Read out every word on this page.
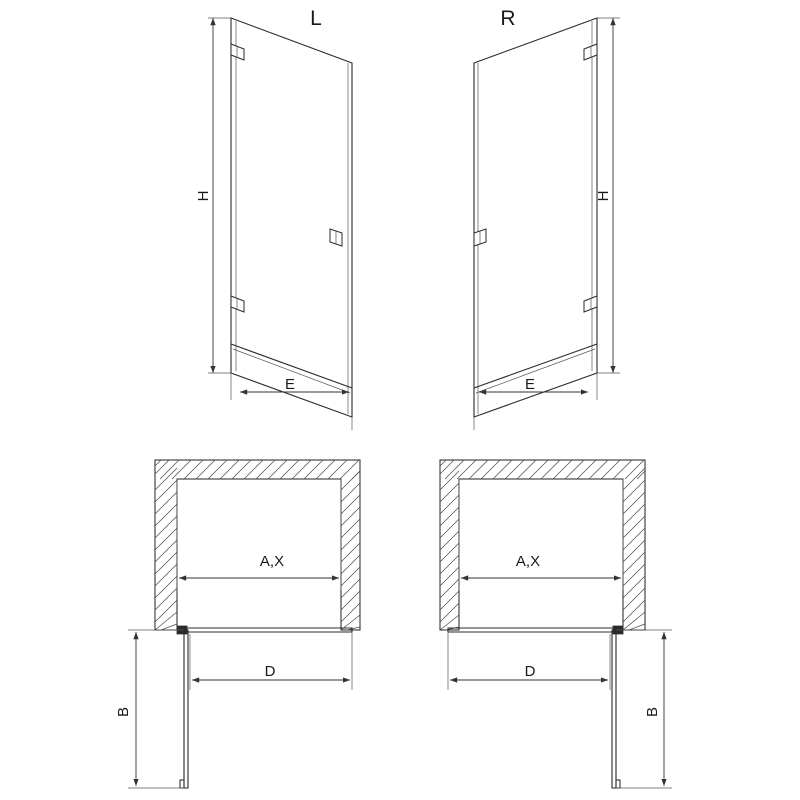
H
E
L
H
E
R
A,X
D
B
A,X
D
B
